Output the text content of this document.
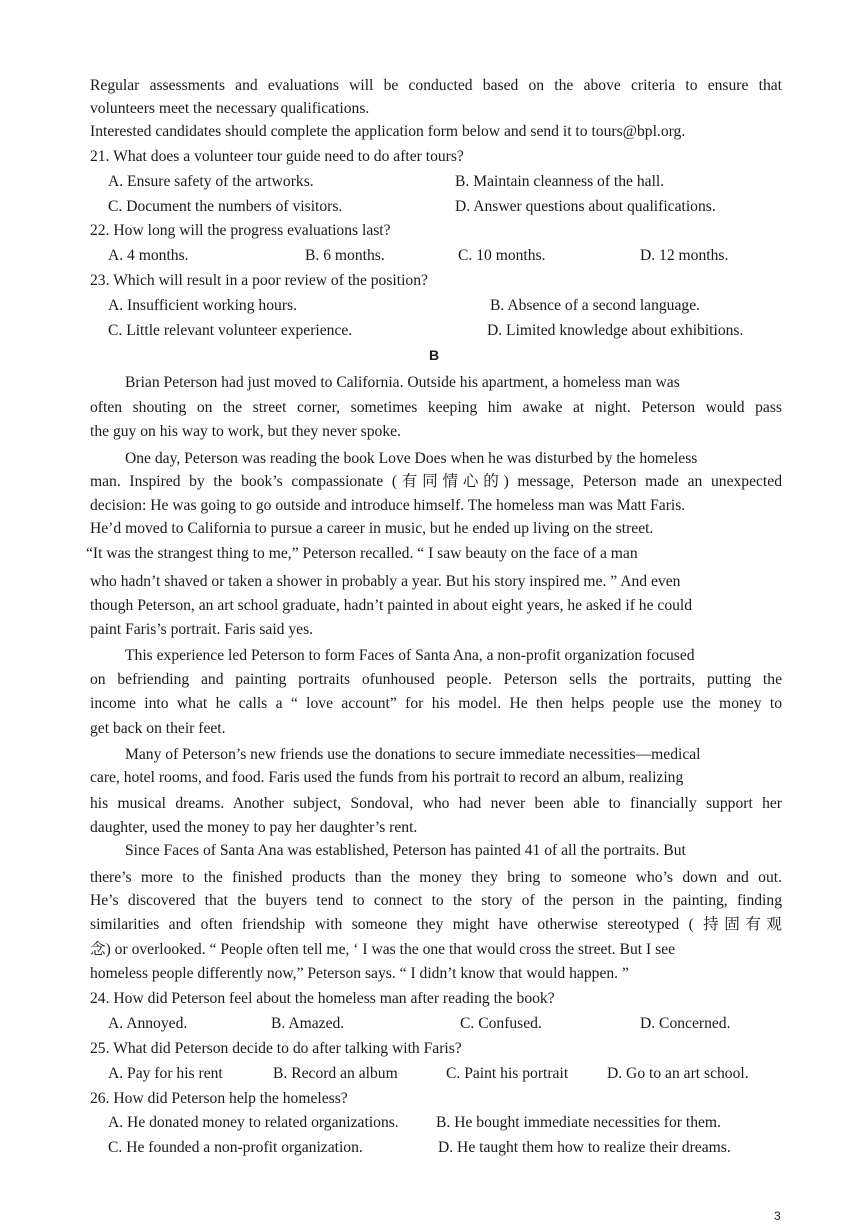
Regular assessments and evaluations will be conducted based on the above criteria to ensure that
volunteers meet the necessary qualifications.
Interested candidates should complete the application form below and send it to tours@bpl.org.
21. What does a volunteer tour guide need to do after tours?
A. Ensure safety of the artworks.	B. Maintain cleanness of the hall.
C. Document the numbers of visitors.	D. Answer questions about qualifications.
22. How long will the progress evaluations last?
A. 4 months.	B. 6 months.	C. 10 months.	D. 12 months.
23. Which will result in a poor review of the position?
A. Insufficient working hours.	B. Absence of a second language.
C. Little relevant volunteer experience.	D. Limited knowledge about exhibitions.
B
Brian Peterson had just moved to California. Outside his apartment, a homeless man was
often shouting on the street corner, sometimes keeping him awake at night. Peterson would pass
the guy on his way to work, but they never spoke.
One day, Peterson was reading the book Love Does when he was disturbed by the homeless
man. Inspired by the book’s compassionate (有同情心的) message, Peterson made an unexpected
decision: He was going to go outside and introduce himself. The homeless man was Matt Faris.
He’d moved to California to pursue a career in music, but he ended up living on the street.
“It was the strangest thing to me,” Peterson recalled. “ I saw beauty on the face of a man
who hadn’t shaved or taken a shower in probably a year. But his story inspired me. ” And even
though Peterson, an art school graduate, hadn’t painted in about eight years, he asked if he could
paint Faris’s portrait. Faris said yes.
This experience led Peterson to form Faces of Santa Ana, a non-profit organization focused
on befriending and painting portraits ofunhoused people. Peterson sells the portraits, putting the
income into what he calls a “ love account” for his model. He then helps people use the money to
get back on their feet.
Many of Peterson’s new friends use the donations to secure immediate necessities—medical
care, hotel rooms, and food. Faris used the funds from his portrait to record an album, realizing
his musical dreams. Another subject, Sondoval, who had never been able to financially support her
daughter, used the money to pay her daughter’s rent.
Since Faces of Santa Ana was established, Peterson has painted 41 of all the portraits. But
there’s more to the finished products than the money they bring to someone who’s down and out.
He’s discovered that the buyers tend to connect to the story of the person in the painting, finding
similarities and often friendship with someone they might have otherwise stereotyped ( 持固有观
念) or overlooked. “ People often tell me, ‘ I was the one that would cross the street. But I see
homeless people differently now,” Peterson says. “ I didn’t know that would happen. ”
24. How did Peterson feel about the homeless man after reading the book?
A. Annoyed.	B. Amazed.	C. Confused.	D. Concerned.
25. What did Peterson decide to do after talking with Faris?
A. Pay for his rent	B. Record an album	C. Paint his portrait D. Go to an art school.
26. How did Peterson help the homeless?
A. He donated money to related organizations. B. He bought immediate necessities for them.
C. He founded a non-profit organization.	D. He taught them how to realize their dreams.
3
